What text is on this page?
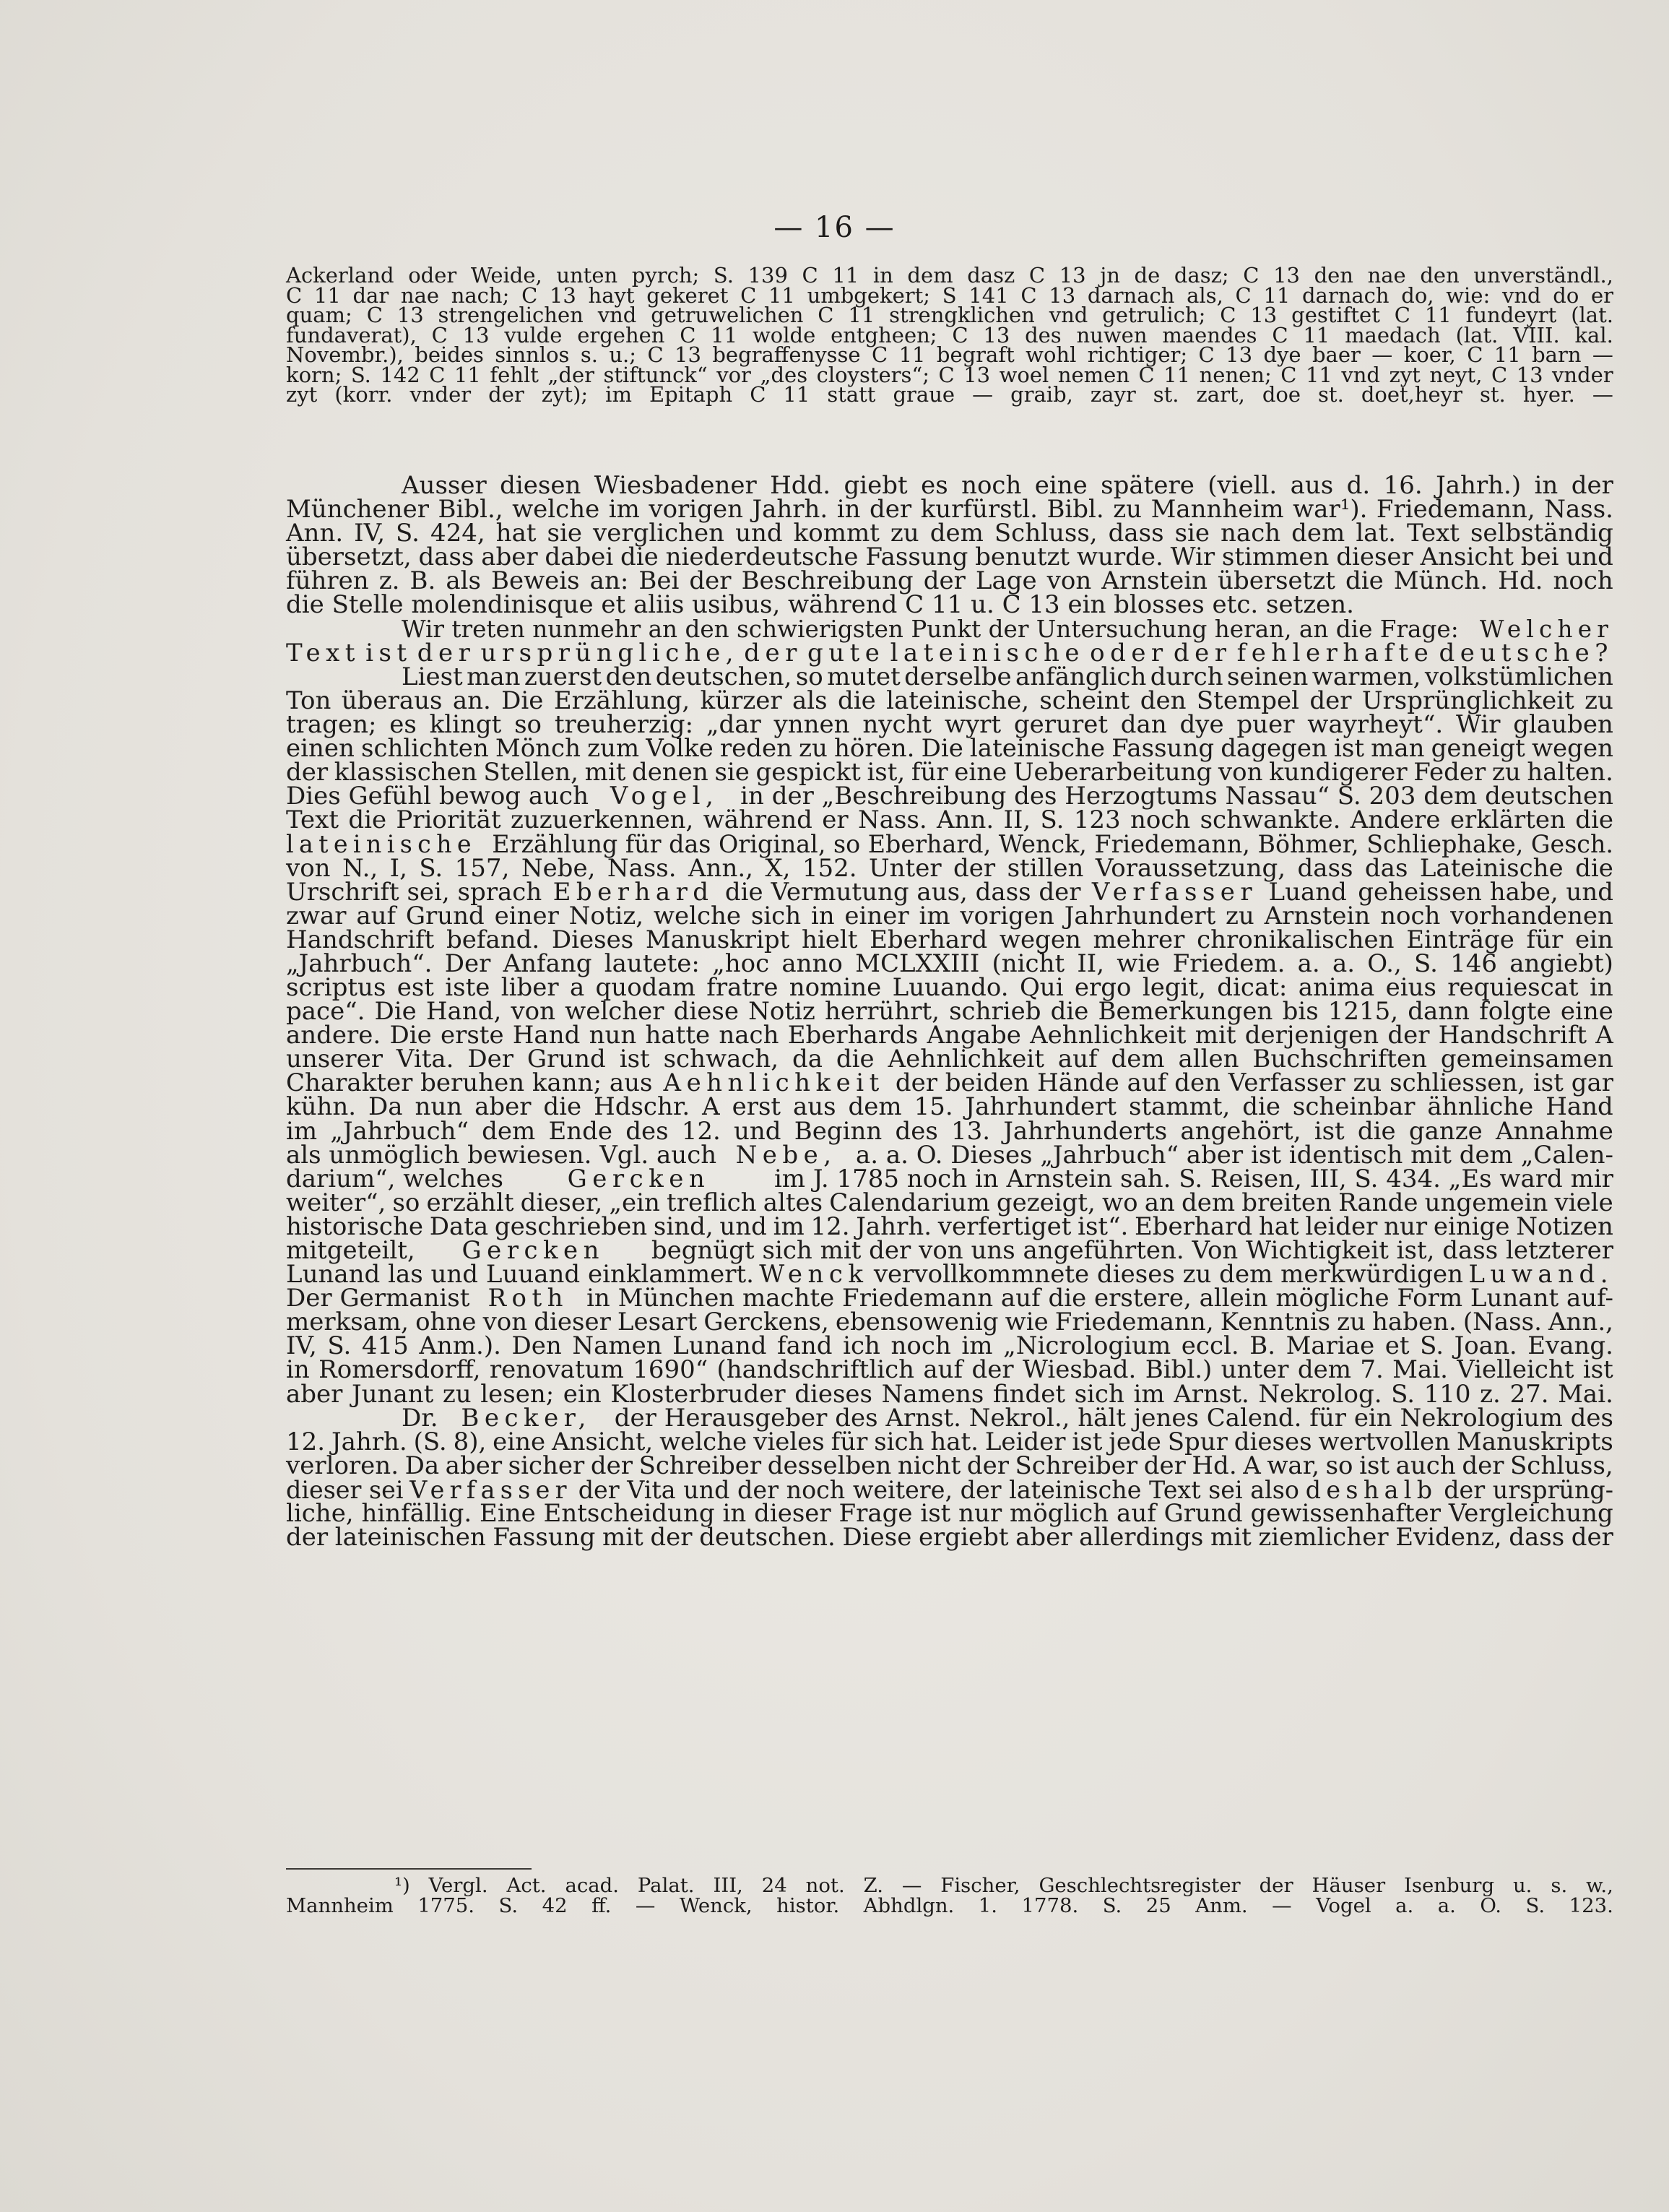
— 16 —
Ackerland oder Weide, unten pyrch; S. 139 C 11 in dem dasz C 13 jn de dasz; C 13 den nae den unverständl.,
C 11 dar nae nach; C 13 hayt gekeret C 11 umbgekert; S 141 C 13 darnach als, C 11 darnach do, wie: vnd do er
quam; C 13 strengelichen vnd getruwelichen C 11 strengklichen vnd getrulich; C 13 gestiftet C 11 fundeyrt (lat.
fundaverat), C 13 vulde ergehen C 11 wolde entgheen; C 13 des nuwen maendes C 11 maedach (lat. VIII. kal.
Novembr.), beides sinnlos s. u.; C 13 begraffenysse C 11 begraft wohl richtiger; C 13 dye baer — koer, C 11 barn —
korn; S. 142 C 11 fehlt „der stiftunck“ vor „des cloysters“; C 13 woel nemen C 11 nenen; C 11 vnd zyt neyt, C 13 vnder
zyt (korr. vnder der zyt); im Epitaph C 11 statt graue — graib, zayr st. zart, doe st. doet,heyr st. hyer. —
Ausser diesen Wiesbadener Hdd. giebt es noch eine spätere (viell. aus d. 16. Jahrh.) in der
Münchener Bibl., welche im vorigen Jahrh. in der kurfürstl. Bibl. zu Mannheim war¹). Friedemann, Nass.
Ann. IV, S. 424, hat sie verglichen und kommt zu dem Schluss, dass sie nach dem lat. Text selbständig
übersetzt, dass aber dabei die niederdeutsche Fassung benutzt wurde. Wir stimmen dieser Ansicht bei und
führen z. B. als Beweis an: Bei der Beschreibung der Lage von Arnstein übersetzt die Münch. Hd. noch
die Stelle molendinisque et aliis usibus, während C 11 u. C 13 ein blosses etc. setzen.
Wir treten nunmehr an den schwierigsten Punkt der Untersuchung heran, an die Frage: Welcher
Text ist der ursprüngliche, der gute lateinische oder der fehlerhafte deutsche?
Liest man zuerst den deutschen, so mutet derselbe anfänglich durch seinen warmen, volkstümlichen
Ton überaus an. Die Erzählung, kürzer als die lateinische, scheint den Stempel der Ursprünglichkeit zu
tragen; es klingt so treuherzig: „dar ynnen nycht wyrt geruret dan dye puer wayrheyt“. Wir glauben
einen schlichten Mönch zum Volke reden zu hören. Die lateinische Fassung dagegen ist man geneigt wegen
der klassischen Stellen, mit denen sie gespickt ist, für eine Ueberarbeitung von kundigerer Feder zu halten.
Dies Gefühl bewog auch Vogel, in der „Beschreibung des Herzogtums Nassau“ S. 203 dem deutschen
Text die Priorität zuzuerkennen, während er Nass. Ann. II, S. 123 noch schwankte. Andere erklärten die
lateinische Erzählung für das Original, so Eberhard, Wenck, Friedemann, Böhmer, Schliephake, Gesch.
von N., I, S. 157, Nebe, Nass. Ann., X, 152. Unter der stillen Voraussetzung, dass das Lateinische die
Urschrift sei, sprach Eberhard die Vermutung aus, dass der Verfasser Luand geheissen habe, und
zwar auf Grund einer Notiz, welche sich in einer im vorigen Jahrhundert zu Arnstein noch vorhandenen
Handschrift befand. Dieses Manuskript hielt Eberhard wegen mehrer chronikalischen Einträge für ein
„Jahrbuch“. Der Anfang lautete: „hoc anno MCLXXIII (nicht II, wie Friedem. a. a. O., S. 146 angiebt)
scriptus est iste liber a quodam fratre nomine Luuando. Qui ergo legit, dicat: anima eius requiescat in
pace“. Die Hand, von welcher diese Notiz herrührt, schrieb die Bemerkungen bis 1215, dann folgte eine
andere. Die erste Hand nun hatte nach Eberhards Angabe Aehnlichkeit mit derjenigen der Handschrift A
unserer Vita. Der Grund ist schwach, da die Aehnlichkeit auf dem allen Buchschriften gemeinsamen
Charakter beruhen kann; aus Aehnlichkeit der beiden Hände auf den Verfasser zu schliessen, ist gar
kühn. Da nun aber die Hdschr. A erst aus dem 15. Jahrhundert stammt, die scheinbar ähnliche Hand
im „Jahrbuch“ dem Ende des 12. und Beginn des 13. Jahrhunderts angehört, ist die ganze Annahme
als unmöglich bewiesen. Vgl. auch Nebe, a. a. O. Dieses „Jahrbuch“ aber ist identisch mit dem „Calen-
darium“, welches	Gercken	im J. 1785 noch in Arnstein sah. S. Reisen, III, S. 434. „Es ward mir
weiter“, so erzählt dieser, „ein treflich altes Calendarium gezeigt, wo an dem breiten Rande ungemein viele
historische Data geschrieben sind, und im 12. Jahrh. verfertiget ist“. Eberhard hat leider nur einige Notizen
mitgeteilt, Gercken begnügt sich mit der von uns angeführten. Von Wichtigkeit ist, dass letzterer
Lunand las und Luuand einklammert. Wenck vervollkommnete dieses zu dem merkwürdigen Luwand.
Der Germanist Roth in München machte Friedemann auf die erstere, allein mögliche Form Lunant auf-
merksam, ohne von dieser Lesart Gerckens, ebensowenig wie Friedemann, Kenntnis zu haben. (Nass. Ann.,
IV, S. 415 Anm.). Den Namen Lunand fand ich noch im „Nicrologium eccl. B. Mariae et S. Joan. Evang.
in Romersdorff, renovatum 1690“ (handschriftlich auf der Wiesbad. Bibl.) unter dem 7. Mai. Vielleicht ist
aber Junant zu lesen; ein Klosterbruder dieses Namens findet sich im Arnst. Nekrolog. S. 110 z. 27. Mai.
Dr. Becker, der Herausgeber des Arnst. Nekrol., hält jenes Calend. für ein Nekrologium des
12. Jahrh. (S. 8), eine Ansicht, welche vieles für sich hat. Leider ist jede Spur dieses wertvollen Manuskripts
verloren. Da aber sicher der Schreiber desselben nicht der Schreiber der Hd. A war, so ist auch der Schluss,
dieser sei Verfasser der Vita und der noch weitere, der lateinische Text sei also deshalb der ursprüng-
liche, hinfällig. Eine Entscheidung in dieser Frage ist nur möglich auf Grund gewissenhafter Vergleichung
der lateinischen Fassung mit der deutschen. Diese ergiebt aber allerdings mit ziemlicher Evidenz, dass der
¹) Vergl. Act. acad. Palat. III, 24 not. Z. — Fischer, Geschlechtsregister der Häuser Isenburg u. s. w.,
Mannheim 1775. S. 42 ff. — Wenck, histor. Abhdlgn. 1. 1778. S. 25 Anm. — Vogel a. a. O. S. 123.
